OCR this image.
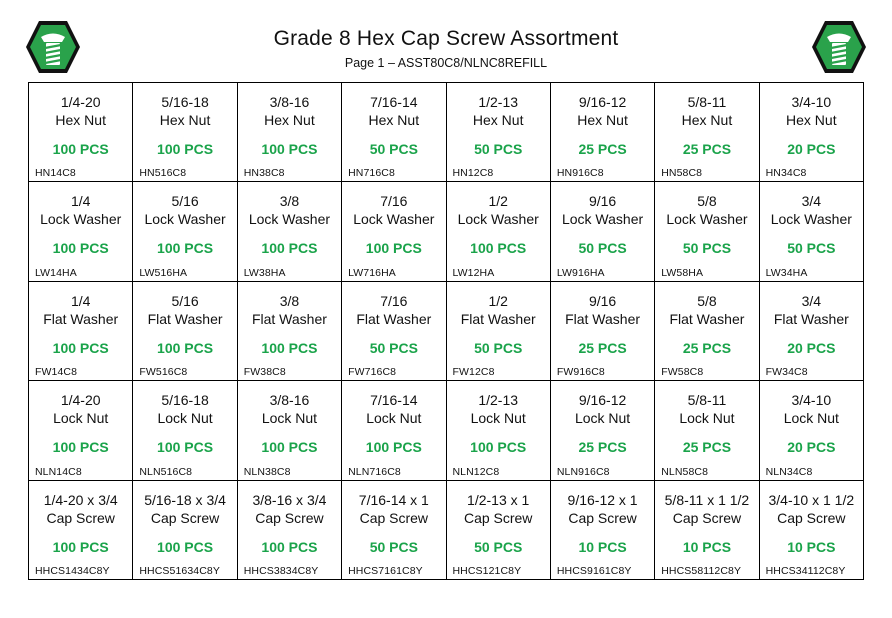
Grade 8 Hex Cap Screw Assortment
Page 1 – ASST80C8/NLNC8REFILL
1/4-20
Hex Nut
100 PCS
HN14C8
5/16-18
Hex Nut
100 PCS
HN516C8
3/8-16
Hex Nut
100 PCS
HN38C8
7/16-14
Hex Nut
50 PCS
HN716C8
1/2-13
Hex Nut
50 PCS
HN12C8
9/16-12
Hex Nut
25 PCS
HN916C8
5/8-11
Hex Nut
25 PCS
HN58C8
3/4-10
Hex Nut
20 PCS
HN34C8
1/4
Lock Washer
100 PCS
LW14HA
5/16
Lock Washer
100 PCS
LW516HA
3/8
Lock Washer
100 PCS
LW38HA
7/16
Lock Washer
100 PCS
LW716HA
1/2
Lock Washer
100 PCS
LW12HA
9/16
Lock Washer
50 PCS
LW916HA
5/8
Lock Washer
50 PCS
LW58HA
3/4
Lock Washer
50 PCS
LW34HA
1/4
Flat Washer
100 PCS
FW14C8
5/16
Flat Washer
100 PCS
FW516C8
3/8
Flat Washer
100 PCS
FW38C8
7/16
Flat Washer
50 PCS
FW716C8
1/2
Flat Washer
50 PCS
FW12C8
9/16
Flat Washer
25 PCS
FW916C8
5/8
Flat Washer
25 PCS
FW58C8
3/4
Flat Washer
20 PCS
FW34C8
1/4-20
Lock Nut
100 PCS
NLN14C8
5/16-18
Lock Nut
100 PCS
NLN516C8
3/8-16
Lock Nut
100 PCS
NLN38C8
7/16-14
Lock Nut
100 PCS
NLN716C8
1/2-13
Lock Nut
100 PCS
NLN12C8
9/16-12
Lock Nut
25 PCS
NLN916C8
5/8-11
Lock Nut
25 PCS
NLN58C8
3/4-10
Lock Nut
20 PCS
NLN34C8
1/4-20 x 3/4
Cap Screw
100 PCS
HHCS1434C8Y
5/16-18 x 3/4
Cap Screw
100 PCS
HHCS51634C8Y
3/8-16 x 3/4
Cap Screw
100 PCS
HHCS3834C8Y
7/16-14 x 1
Cap Screw
50 PCS
HHCS7161C8Y
1/2-13 x 1
Cap Screw
50 PCS
HHCS121C8Y
9/16-12 x 1
Cap Screw
10 PCS
HHCS9161C8Y
5/8-11 x 1 1/2
Cap Screw
10 PCS
HHCS58112C8Y
3/4-10 x 1 1/2
Cap Screw
10 PCS
HHCS34112C8Y
